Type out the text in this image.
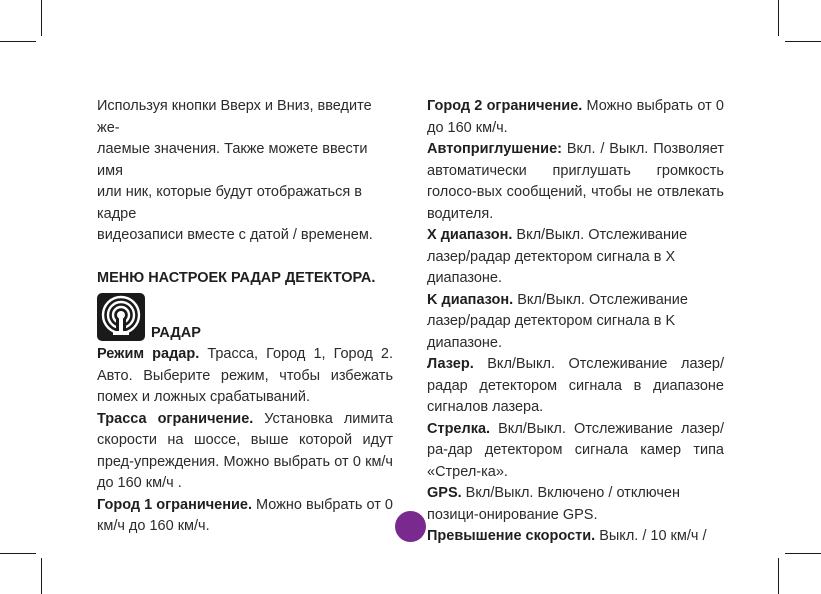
Используя кнопки Вверх и Вниз, введите же-
лаемые значения. Также можете ввести имя
или ник, которые будут отображаться в кадре
видеозаписи вместе с датой / временем.

МЕНЮ НАСТРОЕК РАДАР ДЕТЕКТОРА.

РАДАР

Режим радар. Трасса, Город 1, Город 2. Авто. Выберите режим, чтобы избежать помех и ложных срабатываний.

Трасса ограничение. Установка лимита скорости на шоссе, выше которой идут пред-упреждения. Можно выбрать от 0 км/ч до 160 км/ч .

Город 1 ограничение. Можно выбрать от 0 км/ч до 160 км/ч.

Город 2 ограничение. Можно выбрать от 0 до 160 км/ч.

Автоприглушение: Вкл. / Выкл. Позволяет автоматически приглушать громкость голосо-вых сообщений, чтобы не отвлекать водителя.

X диапазон. Вкл/Выкл. Отслеживание лазер/радар детектором сигнала в X диапазоне.

K диапазон. Вкл/Выкл. Отслеживание лазер/радар детектором сигнала в K диапазоне.

Лазер. Вкл/Выкл. Отслеживание лазер/радар детектором сигнала в диапазоне сигналов лазера.

Стрелка. Вкл/Выкл. Отслеживание лазер/ра-дар детектором сигнала камер типа «Стрел-ка».

GPS. Вкл/Выкл. Включено / отключен позици-онирование GPS.

Превышение скорости. Выкл. / 10 км/ч /
